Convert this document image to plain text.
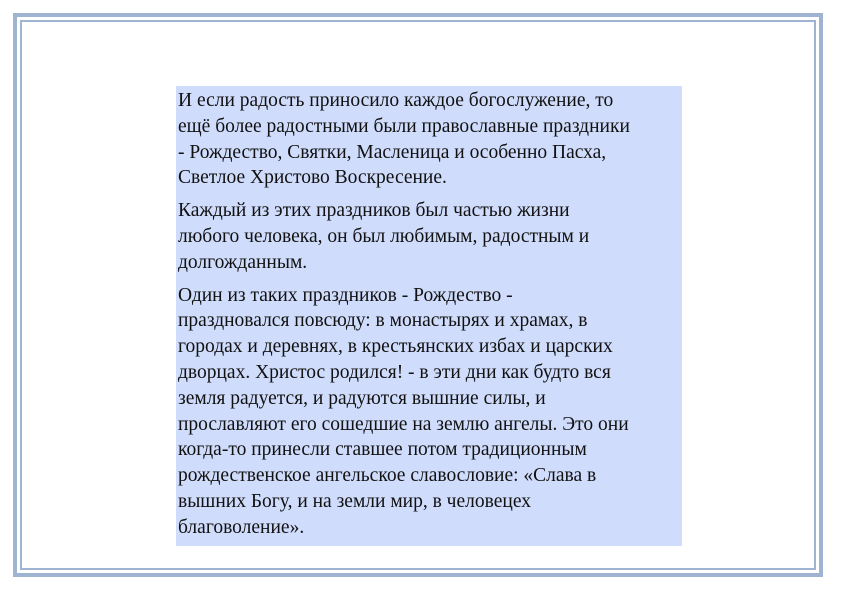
И если радость приносило каждое богослужение, то
ещё более радостными были православные праздники
- Рождество, Святки, Масленица и особенно Пасха,
Светлое Христово Воскресение.

Каждый из этих праздников был частью жизни
любого человека, он был любимым, радостным и
долгожданным.

Один из таких праздников - Рождество -
праздновался повсюду: в монастырях и храмах, в
городах и деревнях, в крестьянских избах и царских
дворцах. Христос родился! - в эти дни как будто вся
земля радуется, и радуются вышние силы, и
прославляют его сошедшие на землю ангелы. Это они
когда-то принесли ставшее потом традиционным
рождественское ангельское славословие: «Слава в
вышних Богу, и на земли мир, в человецех
благоволение».
